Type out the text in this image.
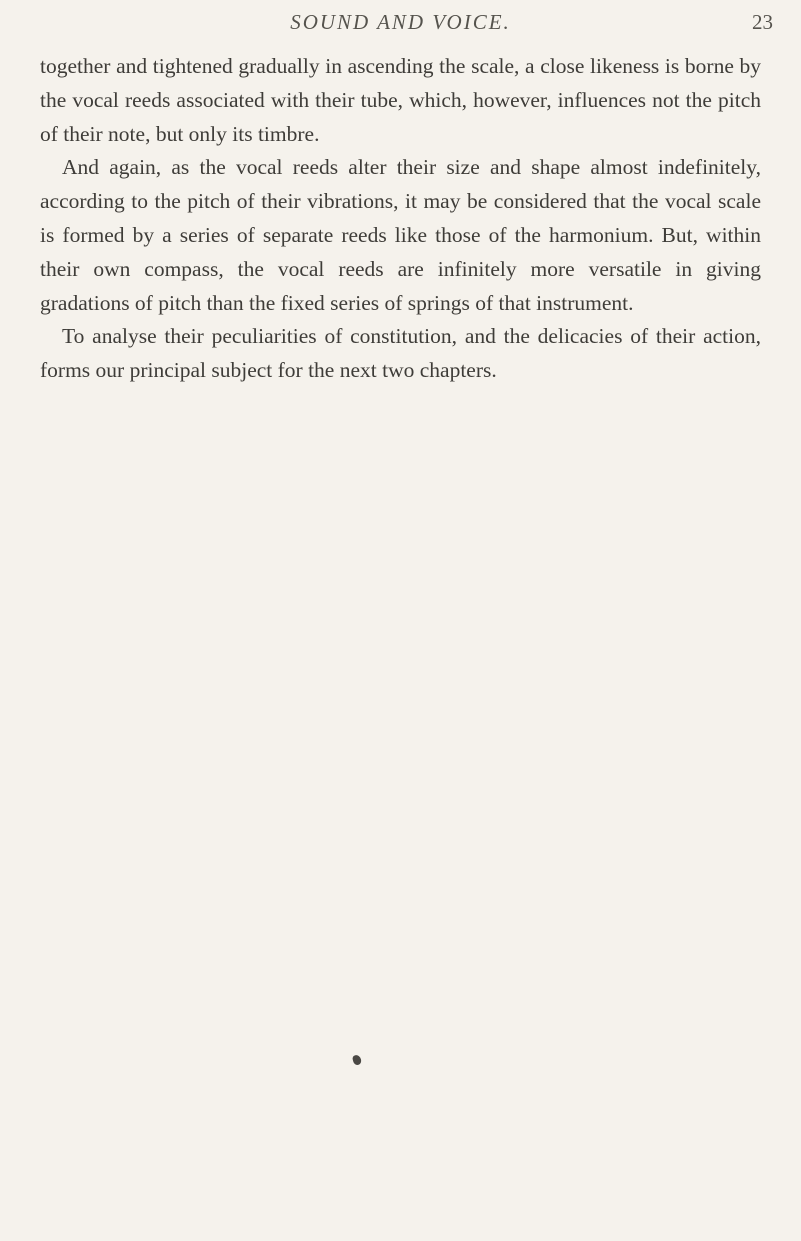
SOUND AND VOICE.	23

together and tightened gradually in ascending the scale, a close likeness is borne by the vocal reeds associated with their tube, which, however, influences not the pitch of their note, but only its timbre.

And again, as the vocal reeds alter their size and shape almost indefinitely, according to the pitch of their vibrations, it may be considered that the vocal scale is formed by a series of separate reeds like those of the harmonium. But, within their own compass, the vocal reeds are infinitely more versatile in giving gradations of pitch than the fixed series of springs of that instrument.

To analyse their peculiarities of constitution, and the delicacies of their action, forms our principal subject for the next two chapters.
